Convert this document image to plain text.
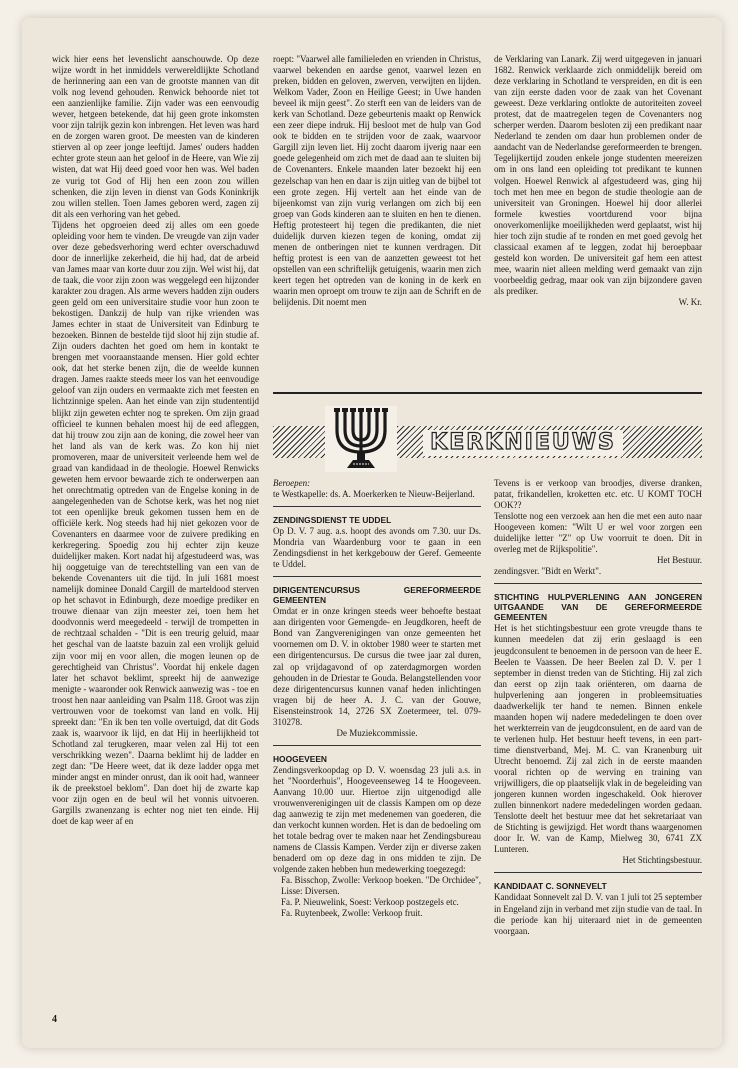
wick hier eens het levenslicht aanschouwde. Op deze wijze wordt in het inmiddels verwereldlijkte Schotland de herinnering aan een van de grootste mannen van dit volk nog levend gehouden. Renwick behoorde niet tot een aanzienlijke familie. Zijn vader was een eenvoudig wever, hetgeen betekende, dat hij geen grote inkomsten voor zijn talrijk gezin kon inbrengen. Het leven was hard en de zorgen waren groot. De meesten van de kinderen stierven al op zeer jonge leeftijd. James' ouders hadden echter grote steun aan het geloof in de Heere, van Wie zij wisten, dat wat Hij deed goed voor hen was. Wel baden ze vurig tot God of Hij hen een zoon zou willen schenken, die zijn leven in dienst van Gods Koninkrijk zou willen stellen. Toen James geboren werd, zagen zij dit als een verhoring van het gebed.

Tijdens het opgroeien deed zij alles om een goede opleiding voor hem te vinden. De vreugde van zijn vader over deze gebedsverhoring werd echter overschaduwd door de innerlijke zekerheid, die hij had, dat de arbeid van James maar van korte duur zou zijn. Wel wist hij, dat de taak, die voor zijn zoon was weggelegd een hijzonder karakter zou dragen. Als arme wevers hadden zijn ouders geen geld om een universitaire studie voor hun zoon te bekostigen. Dankzij de hulp van rijke vrienden was James echter in staat de Universiteit van Edinburg te bezoeken. Binnen de bestelde tijd sloot hij zijn studie af. Zijn ouders dachten het goed om hem in kontakt te brengen met vooraanstaande mensen. Hier gold echter ook, dat het sterke benen zijn, die de weelde kunnen dragen. James raakte steeds meer los van het eenvoudige geloof van zijn ouders en vermaakte zich met feesten en lichtzinnige spelen. Aan het einde van zijn studententijd blijkt zijn geweten echter nog te spreken. Om zijn graad officieel te kunnen behalen moest hij de eed afleggen, dat hij trouw zou zijn aan de koning, die zowel heer van het land als van de kerk was. Zo kon hij niet promoveren, maar de universiteit verleende hem wel de graad van kandidaad in de theologie. Hoewel Renwicks geweten hem ervoor bewaarde zich te onderwerpen aan het onrechtmatig optreden van de Engelse koning in de aangelegenheden van de Schotse kerk, was het nog niet tot een openlijke breuk gekomen tussen hem en de officiële kerk. Nog steeds had hij niet gekozen voor de Covenanters en daarmee voor de zuivere prediking en kerkregering. Spoedig zou hij echter zijn keuze duidelijker maken. Kort nadat hij afgestudeerd was, was hij ooggetuige van de terechtstelling van een van de bekende Covenanters uit die tijd. In juli 1681 moest namelijk dominee Donald Cargill de marteldood sterven op het schavot in Edinburgh, deze moedige prediker en trouwe dienaar van zijn meester zei, toen hem het doodvonnis werd meegedeeld - terwijl de trompetten in de rechtzaal schalden - "Dit is een treurig geluid, maar het geschal van de laatste bazuin zal een vrolijk geluid zijn voor mij en voor allen, die mogen leunen op de gerechtigheid van Christus". Voordat hij enkele dagen later het schavot beklimt, spreekt hij de aanwezige menigte - waaronder ook Renwick aanwezig was - toe en troost hen naar aanleiding van Psalm 118. Groot was zijn vertrouwen voor de toekomst van land en volk. Hij spreekt dan: "En ik ben ten volle overtuigd, dat dit Gods zaak is, waarvoor ik lijd, en dat Hij in heerlijkheid tot Schotland zal terugkeren, maar velen zal Hij tot een verschrikking wezen". Daarna beklimt hij de ladder en zegt dan: "De Heere weet, dat ik deze ladder opga met minder angst en minder onrust, dan ik ooit had, wanneer ik de preekstoel beklom". Dan doet hij de zwarte kap voor zijn ogen en de beul wil het vonnis uitvoeren. Gargills zwanenzang is echter nog niet ten einde. Hij doet de kap weer af en

roept: "Vaarwel alle familieleden en vrienden in Christus, vaarwel bekenden en aardse genot, vaarwel lezen en preken, bidden en geloven, zwerven, verwijten en lijden. Welkom Vader, Zoon en Heilige Geest; in Uwe handen beveel ik mijn geest". Zo sterft een van de leiders van de kerk van Schotland. Deze gebeurtenis maakt op Renwick een zeer diepe indruk. Hij besloot met de hulp van God ook te bidden en te strijden voor de zaak, waarvoor Gargill zijn leven liet. Hij zocht daarom ijverig naar een goede gelegenheid om zich met de daad aan te sluiten bij de Covenanters. Enkele maanden later bezoekt hij een gezelschap van hen en daar is zijn uitleg van de bijbel tot een grote zegen. Hij vertelt aan het einde van de bijeenkomst van zijn vurig verlangen om zich bij een groep van Gods kinderen aan te sluiten en hen te dienen. Heftig protesteert hij tegen die predikanten, die niet duidelijk durven kiezen tegen de koning, omdat zij menen de ontberingen niet te kunnen verdragen. Dit heftig protest is een van de aanzetten geweest tot het opstellen van een schriftelijk getuigenis, waarin men zich keert tegen het optreden van de koning in de kerk en waarin men oproept om trouw te zijn aan de Schrift en de belijdenis. Dit noemt men

de Verklaring van Lanark. Zij werd uitgegeven in januari 1682. Renwick verklaarde zich onmiddelijk bereid om deze verklaring in Schotland te verspreiden, en dit is een van zijn eerste daden voor de zaak van het Covenant geweest. Deze verklaring ontlokte de autoriteiten zoveel protest, dat de maatregelen tegen de Covenanters nog scherper werden. Daarom besloten zij een predikant naar Nederland te zenden om daar hun problemen onder de aandacht van de Nederlandse gereformeerden te brengen. Tegelijkertijd zouden enkele jonge studenten meereizen om in ons land een opleiding tot predikant te kunnen volgen. Hoewel Renwick al afgestudeerd was, ging hij toch met hen mee en begon de studie theologie aan de universiteit van Groningen. Hoewel hij door allerlei formele kwesties voortdurend voor bijna onoverkomenlijke moeilijkheden werd geplaatst, wist hij hier toch zijn studie af te ronden en met goed gevolg het classicaal examen af te leggen, zodat hij beroepbaar gesteld kon worden. De universiteit gaf hem een attest mee, waarin niet alleen melding werd gemaakt van zijn voorbeeldig gedrag, maar ook van zijn bijzondere gaven als prediker.

W. Kr.

KERKNIEUWS

Beroepen:

te Westkapelle: ds. A. Moerkerken te Nieuw-Beijerland.

ZENDINGSDIENST TE UDDEL

Op D. V. 7 aug. a.s. hoopt des avonds om 7.30. uur Ds. Mondria van Waardenburg voor te gaan in een Zendingsdienst in het kerkgebouw der Geref. Gemeente te Uddel.

DIRIGENTENCURSUS GEREFORMEERDE GEMEENTEN

Omdat er in onze kringen steeds weer behoefte bestaat aan dirigenten voor Gemengde- en Jeugdkoren, heeft de Bond van Zangverenigingen van onze gemeenten het voornemen om D. V. in oktober 1980 weer te starten met een dirigentencursus. De cursus die twee jaar zal duren, zal op vrijdagavond of op zaterdagmorgen worden gehouden in de Driestar te Gouda. Belangstellenden voor deze dirigentencursus kunnen vanaf heden inlichtingen vragen bij de heer A. J. C. van der Gouwe, Eisensteinstrook 14, 2726 SX Zoetermeer, tel. 079- 310278.

De Muziekcommissie.

HOOGEVEEN

Zendingsverkoopdag op D. V. woensdag 23 juli a.s. in het "Noorderhuis", Hoogeveenseweg 14 te Hoogeveen. Aanvang 10.00 uur. Hiertoe zijn uitgenodigd alle vrouwenverenigingen uit de classis Kampen om op deze dag aanwezig te zijn met medenemen van goederen, die dan verkocht kunnen worden. Het is dan de bedoeling om het totale bedrag over te maken naar het Zendingsbureau namens de Classis Kampen. Verder zijn er diverse zaken benaderd om op deze dag in ons midden te zijn. De volgende zaken hebben hun medewerking toegezegd:

Fa. Bisschop, Zwolle: Verkoop boeken. "De Orchidee", Lisse: Diversen.

Fa. P. Nieuwelink, Soest: Verkoop postzegels etc.

Fa. Ruytenbeek, Zwolle: Verkoop fruit.

Tevens is er verkoop van broodjes, diverse dranken, patat, frikandellen, kroketten etc. etc. U KOMT TOCH OOK??

Tenslotte nog een verzoek aan hen die met een auto naar Hoogeveen komen: "Wilt U er wel voor zorgen een duidelijke letter "Z" op Uw voorruit te doen. Dit in overleg met de Rijkspolitie".

Het Bestuur.

zendingsver. "Bidt en Werkt".

STICHTING HULPVERLENING AAN JONGEREN UITGAANDE VAN DE GEREFORMEERDE GEMEENTEN

Het is het stichtingsbestuur een grote vreugde thans te kunnen meedelen dat zij erin geslaagd is een jeugdconsulent te benoemen in de persoon van de heer E. Beelen te Vaassen. De heer Beelen zal D. V. per 1 september in dienst treden van de Stichting. Hij zal zich dan eerst op zijn taak oriënteren, om daarna de hulpverlening aan jongeren in probleemsituaties daadwerkelijk ter hand te nemen. Binnen enkele maanden hopen wij nadere mededelingen te doen over het werkterrein van de jeugdconsulent, en de aard van de te verlenen hulp. Het bestuur heeft tevens, in een part-time dienstverband, Mej. M. C. van Kranenburg uit Utrecht benoemd. Zij zal zich in de eerste maanden vooral richten op de werving en training van vrijwilligers, die op plaatselijk vlak in de begeleiding van jongeren kunnen worden ingeschakeld. Ook hierover zullen binnenkort nadere mededelingen worden gedaan. Tenslotte deelt het bestuur mee dat het sekretariaat van de Stichting is gewijzigd. Het wordt thans waargenomen door Ir. W. van de Kamp, Mielweg 30, 6741 ZX Lunteren.

Het Stichtingsbestuur.

KANDIDAAT C. SONNEVELT

Kandidaat Sonnevelt zal D. V. van 1 juli tot 25 september in Engeland zijn in verband met zijn studie van de taal. In die periode kan hij uiteraard niet in de gemeenten voorgaan.

4
